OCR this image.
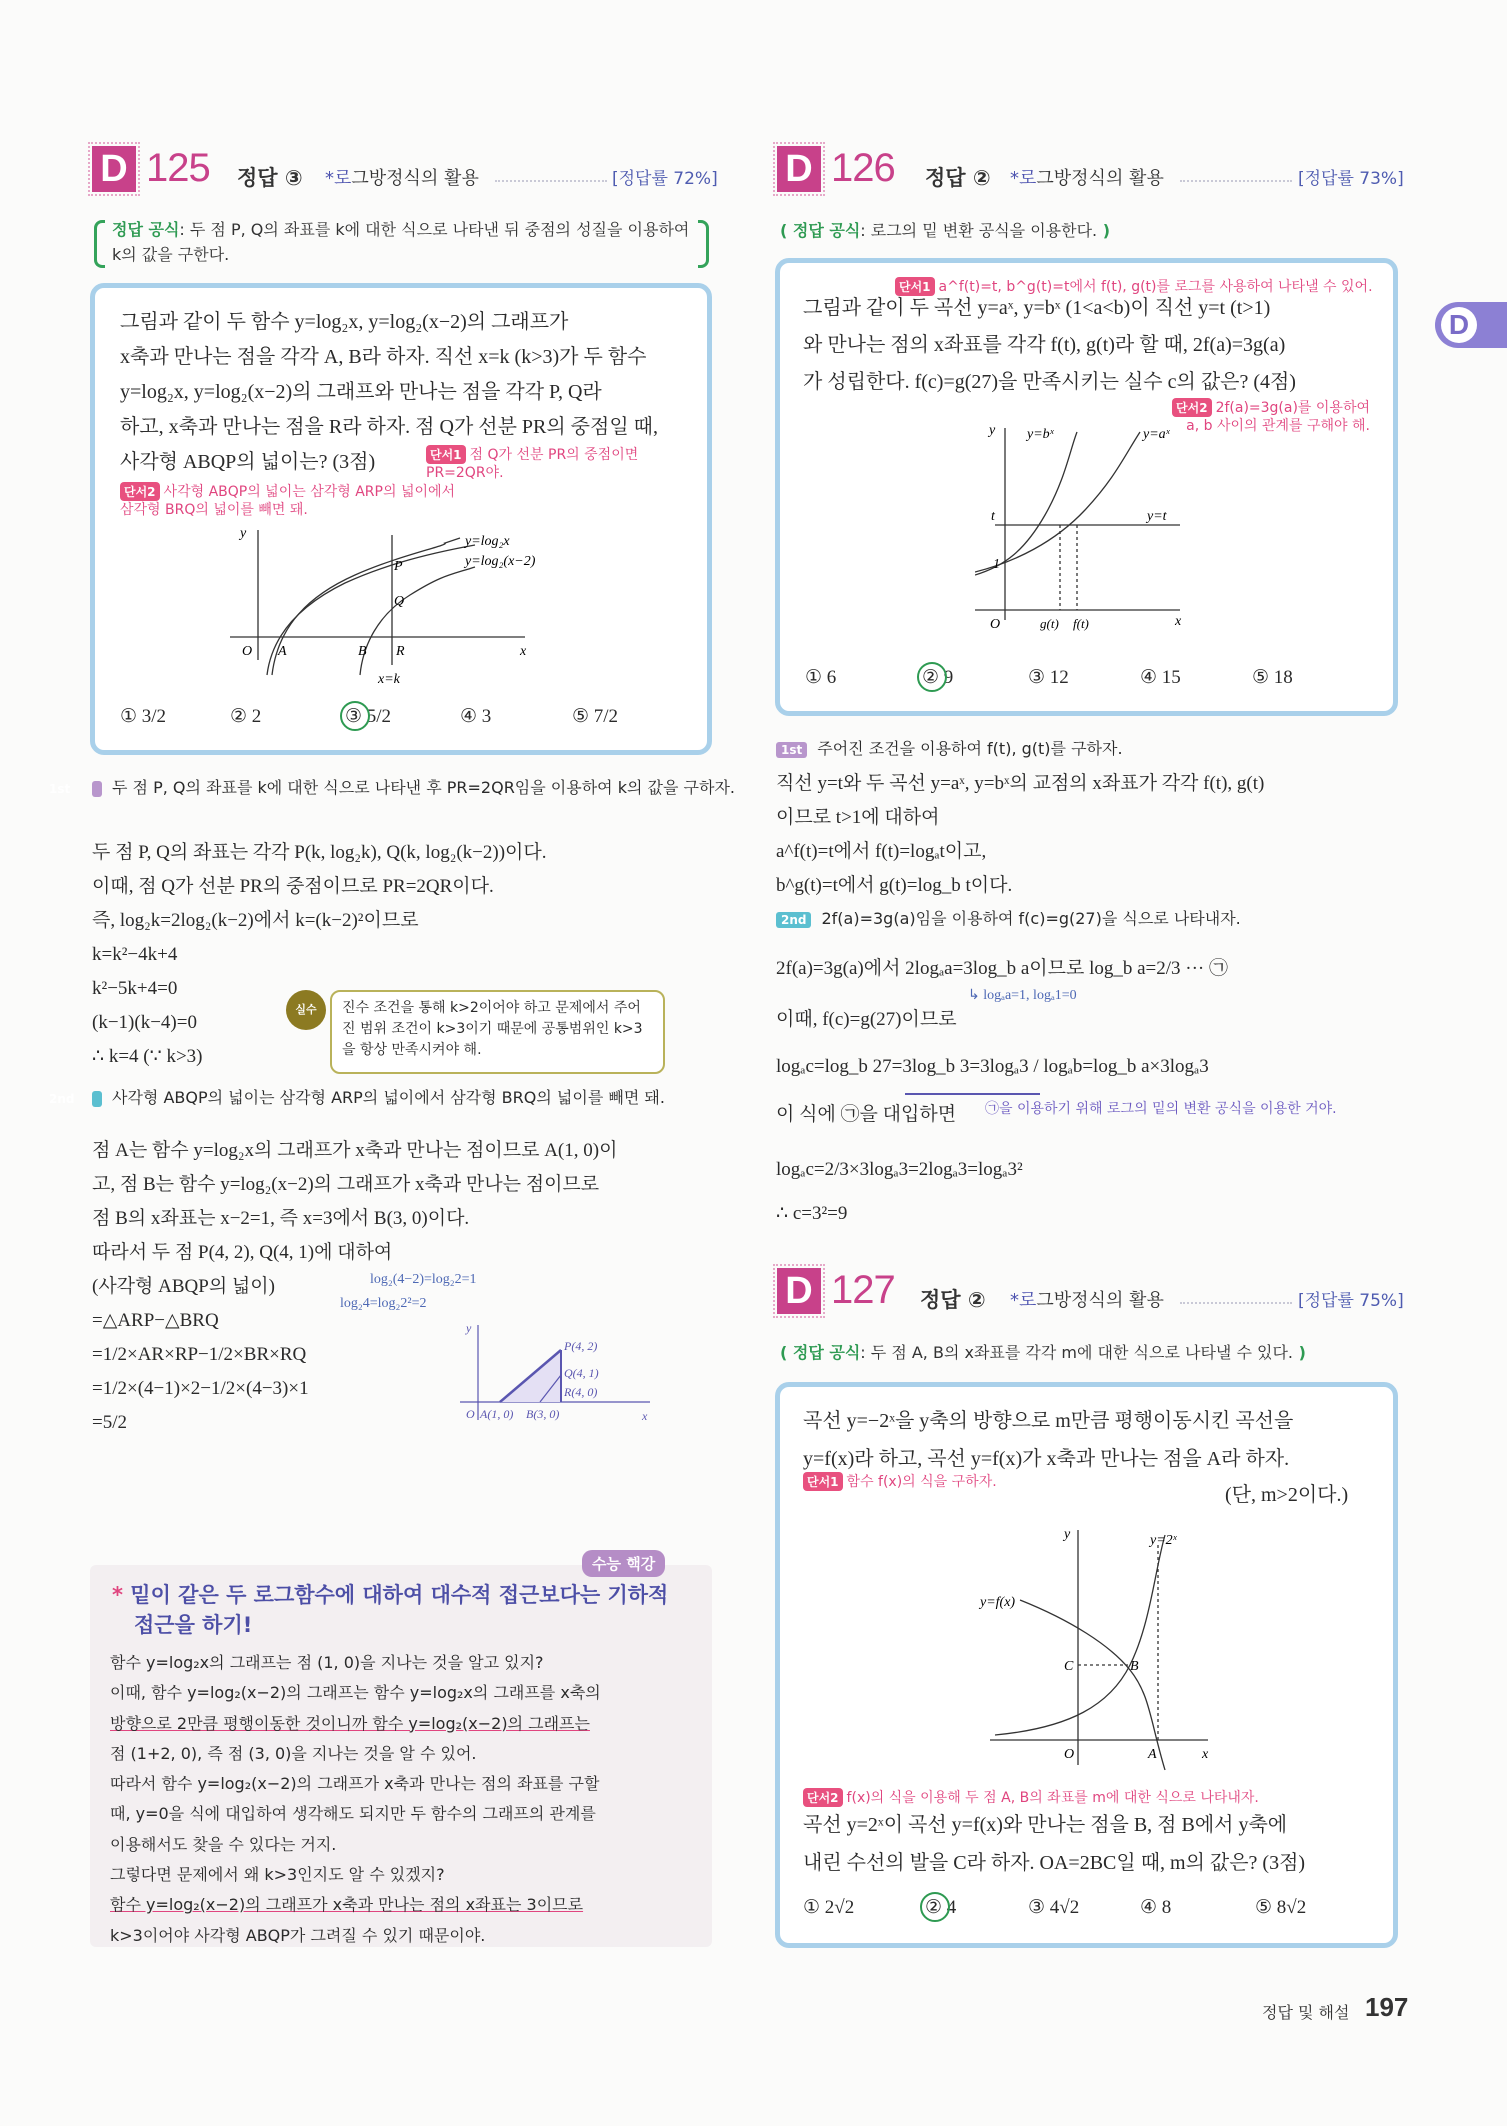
D
D 125 정답 ③ *로그방정식의 활용	[정답률 72%]
정답 공식: 두 점 P, Q의 좌표를 k에 대한 식으로 나타낸 뒤 중점의 성질을 이용하여 k의 값을 구한다.
그림과 같이 두 함수 y=log₂x, y=log₂(x−2)의 그래프가
x축과 만나는 점을 각각 A, B라 하자. 직선 x=k (k>3)가 두 함수
y=log₂x, y=log₂(x−2)의 그래프와 만나는 점을 각각 P, Q라
하고, x축과 만나는 점을 R라 하자. 점 Q가 선분 PR의 중점일 때,
사각형 ABQP의 넓이는? (3점)	단서1 점 Q가 선분 PR의 중점이면 PR=2QR야.
단서2 사각형 ABQP의 넓이는 삼각형 ARP의 넓이에서 삼각형 BRQ의 넓이를 빼면 돼.
y
x
O A	B R
P
Q
x=k
y=log₂x
y=log₂(x−2)
① 3/2	② 2	③ 5/2	④ 3	⑤ 7/2
1st	두 점 P, Q의 좌표를 k에 대한 식으로 나타낸 후 PR=2QR임을 이용하여 k의 값을 구하자.
두 점 P, Q의 좌표는 각각 P(k, log₂k), Q(k, log₂(k−2))이다.
이때, 점 Q가 선분 PR의 중점이므로 PR=2QR이다.
즉, log₂k=2log₂(k−2)에서 k=(k−2)²이므로
k=k²−4k+4
k²−5k+4=0
(k−1)(k−4)=0
∴ k=4 (∵ k>3)
실수	진수 조건을 통해 k>2이어야 하고 문제에서 주어진 범위 조건이 k>3이기 때문에 공통범위인 k>3을 항상 만족시켜야 해.
2nd 사각형 ABQP의 넓이는 삼각형 ARP의 넓이에서 삼각형 BRQ의 넓이를 빼면 돼.
점 A는 함수 y=log₂x의 그래프가 x축과 만나는 점이므로 A(1, 0)이
고, 점 B는 함수 y=log₂(x−2)의 그래프가 x축과 만나는 점이므로
점 B의 x좌표는 x−2=1, 즉 x=3에서 B(3, 0)이다.
따라서 두 점 P(4, 2), Q(4, 1)에 대하여
(사각형 ABQP의 넓이)
=△ARP−△BRQ
=1/2×AR×RP−1/2×BR×RQ
=1/2×(4−1)×2−1/2×(4−3)×1
=5/2
log₂(4−2)=log₂2=1
log₂4=log₂2²=2
y
x
O A(1, 0) B(3, 0)
P(4, 2)
Q(4, 1)
R(4, 0)
수능 핵강
* 밑이 같은 두 로그함수에 대하여 대수적 접근보다는 기하적 접근을 하기!
함수 y=log₂x의 그래프는 점 (1, 0)을 지나는 것을 알고 있지?
이때, 함수 y=log₂(x−2)의 그래프는 함수 y=log₂x의 그래프를 x축의
방향으로 2만큼 평행이동한 것이니까 함수 y=log₂(x−2)의 그래프는
점 (1+2, 0), 즉 점 (3, 0)을 지나는 것을 알 수 있어.
따라서 함수 y=log₂(x−2)의 그래프가 x축과 만나는 점의 좌표를 구할
때, y=0을 식에 대입하여 생각해도 되지만 두 함수의 그래프의 관계를
이용해서도 찾을 수 있다는 거지.
그렇다면 문제에서 왜 k>3인지도 알 수 있겠지?
함수 y=log₂(x−2)의 그래프가 x축과 만나는 점의 x좌표는 3이므로
k>3이어야 사각형 ABQP가 그려질 수 있기 때문이야.
D 126 정답 ② *로그방정식의 활용	[정답률 73%]
( 정답 공식: 로그의 밑 변환 공식을 이용한다. )
단서1 a^f(t)=t, b^g(t)=t에서 f(t), g(t)를 로그를 사용하여 나타낼 수 있어.
그림과 같이 두 곡선 y=aˣ, y=bˣ (1<a<b)이 직선 y=t (t>1)
와 만나는 점의 x좌표를 각각 f(t), g(t)라 할 때, 2f(a)=3g(a)
가 성립한다. f(c)=g(27)을 만족시키는 실수 c의 값은? (4점)
단서2 2f(a)=3g(a)를 이용하여
a, b 사이의 관계를 구해야 해.
y
x
O
1
t	y=t
y=bˣ	y=aˣ
g(t) f(t)
① 6	② 9	③ 12	④ 15	⑤ 18
1st 주어진 조건을 이용하여 f(t), g(t)를 구하자.
직선 y=t와 두 곡선 y=aˣ, y=bˣ의 교점의 x좌표가 각각 f(t), g(t)
이므로 t>1에 대하여
a^f(t)=t에서 f(t)=logₐt이고,
b^g(t)=t에서 g(t)=log_b t이다.
2nd 2f(a)=3g(a)임을 이용하여 f(c)=g(27)을 식으로 나타내자.
2f(a)=3g(a)에서 2logₐa=3log_b a이므로 log_b a=2/3 ··· ㉠
↳ logₐa=1, logₐ1=0
이때, f(c)=g(27)이므로
logₐc=log_b 27=3log_b 3=3logₐ3 / logₐb=log_b a×3logₐ3
이 식에 ㉠을 대입하면 ㉠을 이용하기 위해 로그의 밑의 변환 공식을 이용한 거야.
logₐc=2/3×3logₐ3=2logₐ3=logₐ3²
∴ c=3²=9
D 127 정답 ② *로그방정식의 활용	[정답률 75%]
( 정답 공식: 두 점 A, B의 x좌표를 각각 m에 대한 식으로 나타낼 수 있다. )
곡선 y=−2ˣ을 y축의 방향으로 m만큼 평행이동시킨 곡선을
y=f(x)라 하고, 곡선 y=f(x)가 x축과 만나는 점을 A라 하자.
단서1 함수 f(x)의 식을 구하자.
(단, m>2이다.)
y
x
O	A
B
C
y=f(x)
y=2ˣ
단서2 f(x)의 식을 이용해 두 점 A, B의 좌표를 m에 대한 식으로 나타내자.
곡선 y=2ˣ이 곡선 y=f(x)와 만나는 점을 B, 점 B에서 y축에
내린 수선의 발을 C라 하자. OA=2BC일 때, m의 값은? (3점)
① 2√2	② 4	③ 4√2	④ 8	⑤ 8√2
정답 및 해설 197
